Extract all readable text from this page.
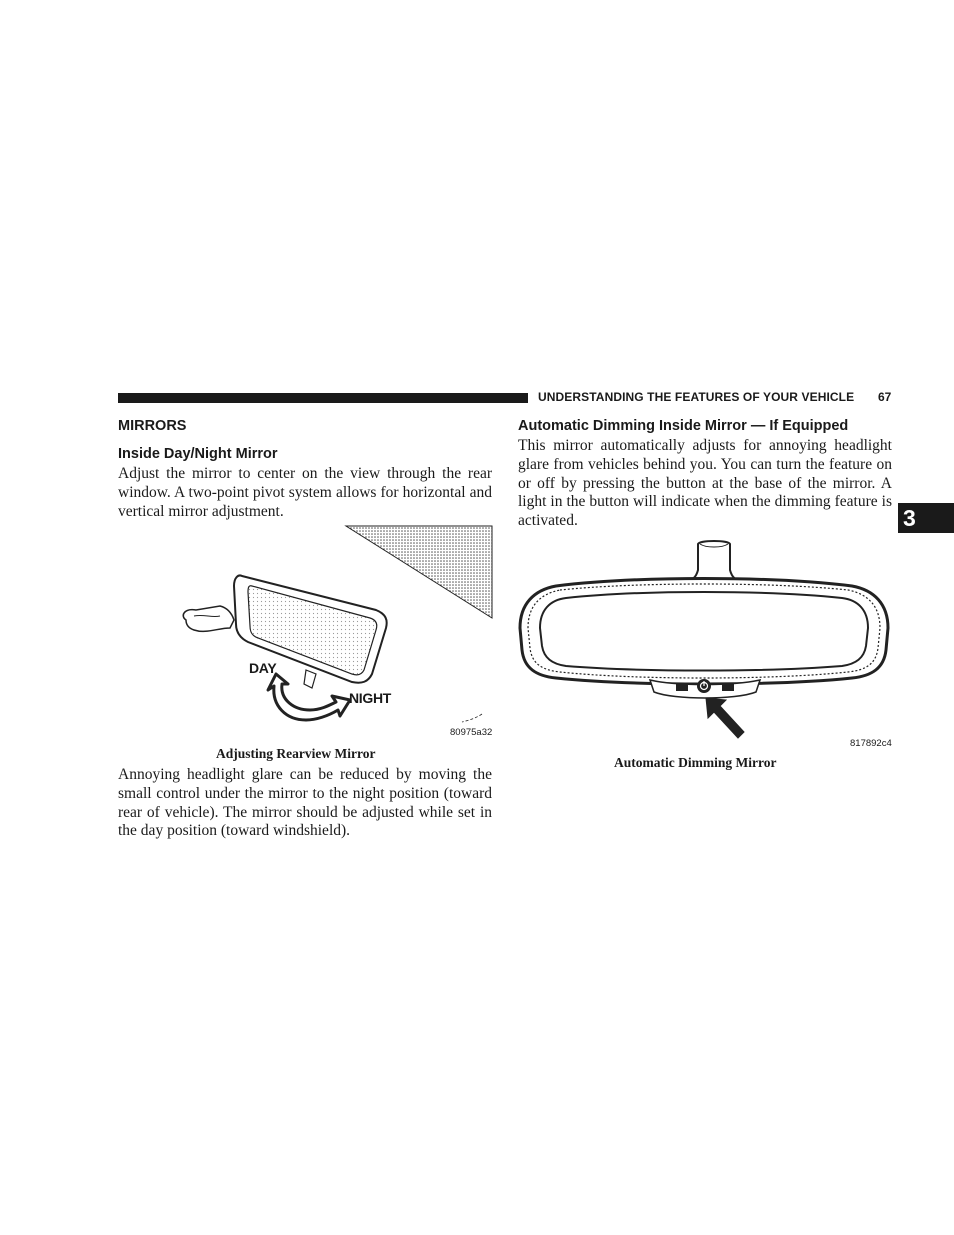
UNDERSTANDING THE FEATURES OF YOUR VEHICLE 67
3
MIRRORS
Inside Day/Night Mirror

Adjust the mirror to center on the view through the rear window. A two-point pivot system allows for horizontal and vertical mirror adjustment.

DAY
NIGHT
80975a32
Adjusting Rearview Mirror

Annoying headlight glare can be reduced by moving the small control under the mirror to the night position (toward rear of vehicle). The mirror should be adjusted while set in the day position (toward windshield).

Automatic Dimming Inside Mirror — If Equipped

This mirror automatically adjusts for annoying headlight glare from vehicles behind you. You can turn the feature on or off by pressing the button at the base of the mirror. A light in the button will indicate when the dimming feature is activated.

817892c4
Automatic Dimming Mirror
